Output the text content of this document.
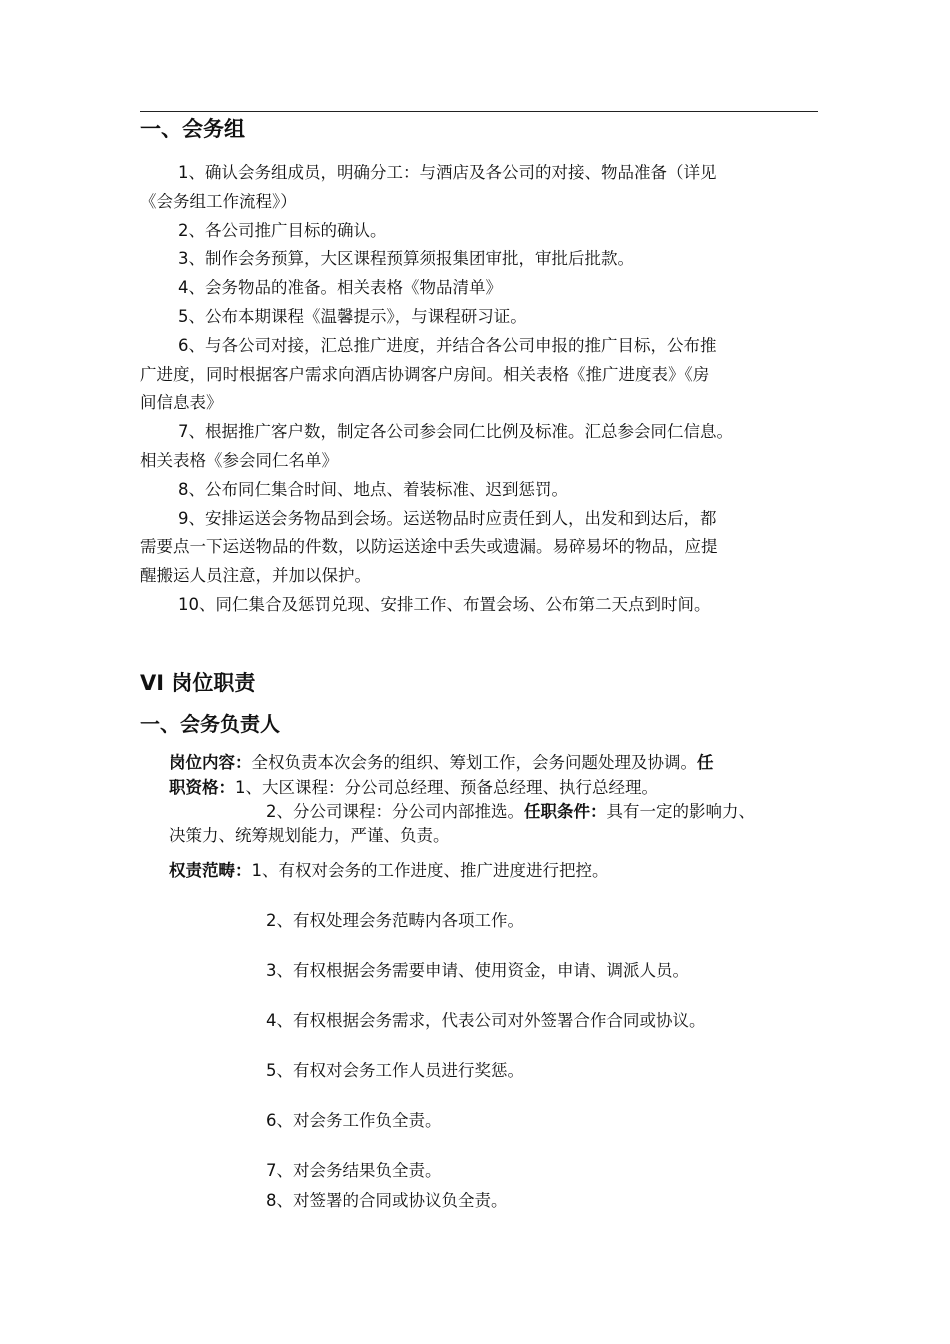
一、会务组
1、确认会务组成员，明确分工：与酒店及各公司的对接、物品准备（详见
《会务组工作流程》）
2、各公司推广目标的确认。
3、制作会务预算，大区课程预算须报集团审批，审批后批款。
4、会务物品的准备。相关表格《物品清单》
5、公布本期课程《温馨提示》，与课程研习证。
6、与各公司对接，汇总推广进度，并结合各公司申报的推广目标，公布推
广进度，同时根据客户需求向酒店协调客户房间。相关表格《推广进度表》《房
间信息表》
7、根据推广客户数，制定各公司参会同仁比例及标准。汇总参会同仁信息。
相关表格《参会同仁名单》
8、公布同仁集合时间、地点、着装标准、迟到惩罚。
9、安排运送会务物品到会场。运送物品时应责任到人，出发和到达后，都
需要点一下运送物品的件数，以防运送途中丢失或遗漏。易碎易坏的物品，应提
醒搬运人员注意，并加以保护。
10、同仁集合及惩罚兑现、安排工作、布置会场、公布第二天点到时间。
VI 岗位职责
一、会务负责人
岗位内容：全权负责本次会务的组织、筹划工作，会务问题处理及协调。任
职资格：1、大区课程：分公司总经理、预备总经理、执行总经理。
2、分公司课程：分公司内部推选。任职条件：具有一定的影响力、
决策力、统筹规划能力，严谨、负责。
权责范畴：1、有权对会务的工作进度、推广进度进行把控。
2、有权处理会务范畴内各项工作。
3、有权根据会务需要申请、使用资金，申请、调派人员。
4、有权根据会务需求，代表公司对外签署合作合同或协议。
5、有权对会务工作人员进行奖惩。
6、对会务工作负全责。
7、对会务结果负全责。
8、对签署的合同或协议负全责。
